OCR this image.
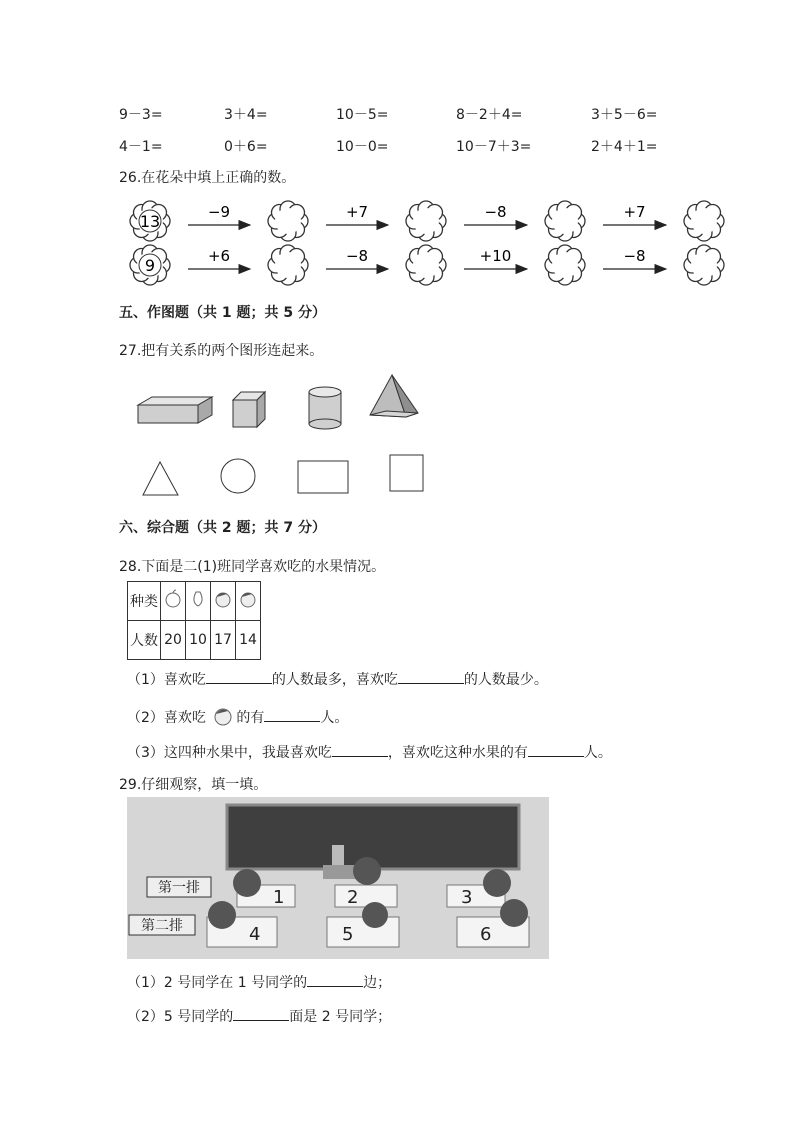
9－3=	3＋4=	10－5=	8－2＋4=	3＋5－6=
4－1=	0＋6=	10－0=	10－7＋3=	2＋4＋1=
26.在花朵中填上正确的数。
13
9
−9	+7	−8	+7
+6	−8	+10	−8
五、作图题（共 1 题；共 5 分）
27.把有关系的两个图形连起来。
六、综合题（共 2 题；共 7 分）
28.下面是二(1)班同学喜欢吃的水果情况。
种类				
人数	20	10	17	14
（1）喜欢吃	的人数最多，喜欢吃	的人数最少。
（2）喜欢吃 的有	人。
（3）这四种水果中，我最喜欢吃	，喜欢吃这种水果的有	人。
29.仔细观察，填一填。
第一排
第二排
1	2	3
4	5	6
（1）2 号同学在 1 号同学的	边；
（2）5 号同学的	面是 2 号同学；
